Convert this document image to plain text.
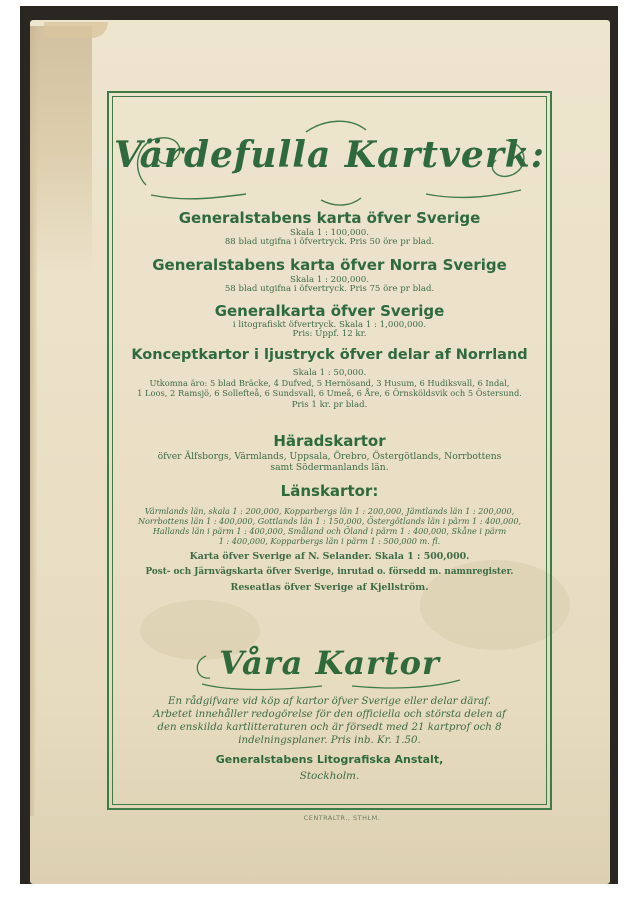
Värdefulla Kartverk:
Generalstabens karta öfver Sverige
Skala 1 : 100,000.
88 blad utgifna i öfvertryck. Pris 50 öre pr blad.
Generalstabens karta öfver Norra Sverige
Skala 1 : 200,000.
58 blad utgifna i öfvertryck. Pris 75 öre pr blad.
Generalkarta öfver Sverige
i litografiskt öfvertryck. Skala 1 : 1,000,000.
Pris: Uppf. 12 kr.
Konceptkartor i ljustryck öfver delar af Norrland
Skala 1 : 50,000.
Utkomna äro: 5 blad Bräcke, 4 Dufved, 5 Hernösand, 3 Husum, 6 Hudiksvall, 6 Indal,
1 Loos, 2 Ramsjö, 6 Sollefteå, 6 Sundsvall, 6 Umeå, 6 Åre, 6 Örnsköldsvik och 5 Östersund.
Pris 1 kr. pr blad.
Häradskartor
öfver Älfsborgs, Värmlands, Uppsala, Örebro, Östergötlands, Norrbottens
samt Södermanlands län.
Länskartor:
Värmlands län, skala 1 : 200,000, Kopparbergs län 1 : 200,000, Jämtlands län 1 : 200,000,
Norrbottens län 1 : 400,000, Gottlands län 1 : 150,000, Östergötlands län i pärm 1 : 400,000,
Hallands län i pärm 1 : 400,000, Småland och Öland i pärm 1 : 400,000, Skåne i pärm
1 : 400,000, Kopparbergs län i pärm 1 : 500,000 m. fl.
Karta öfver Sverige af N. Selander. Skala 1 : 500,000.
Post- och Järnvägskarta öfver Sverige, inrutad o. försedd m. namnregister.
Reseatlas öfver Sverige af Kjellström.
Våra Kartor
En rådgifvare vid köp af kartor öfver Sverige eller delar däraf.
Arbetet innehåller redogörelse för den officiella och största delen af
den enskilda kartlitteraturen och är försedt med 21 kartprof och 8
indelningsplaner. Pris inb. Kr. 1.50.
Generalstabens Litografiska Anstalt,
Stockholm.
CENTRALTR., STHLM.
